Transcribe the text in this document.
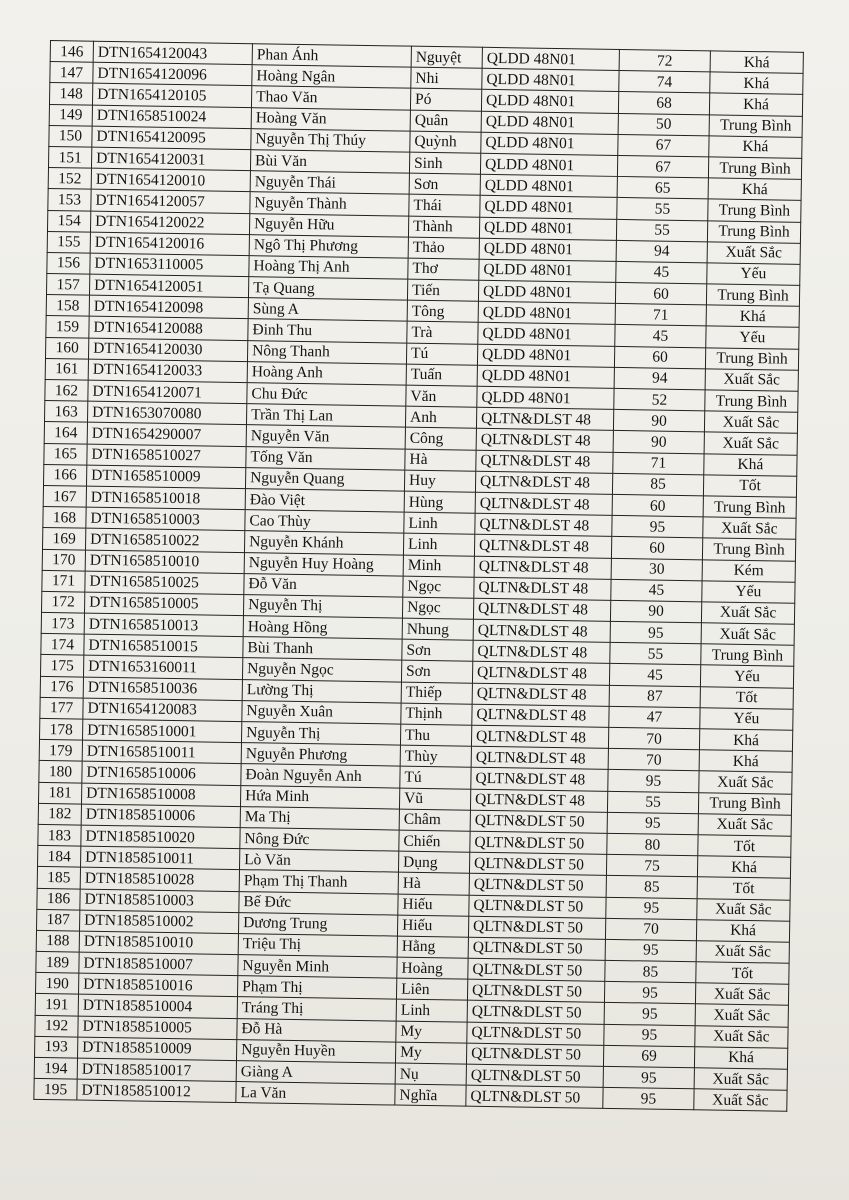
146	DTN1654120043	Phan Ánh	Nguyệt	QLDD 48N01	72	Khá
147	DTN1654120096	Hoàng Ngân	Nhi	QLDD 48N01	74	Khá
148	DTN1654120105	Thao Văn	Pó	QLDD 48N01	68	Khá
149	DTN1658510024	Hoàng Văn	Quân	QLDD 48N01	50	Trung Bình
150	DTN1654120095	Nguyễn Thị Thúy	Quỳnh	QLDD 48N01	67	Khá
151	DTN1654120031	Bùi Văn	Sinh	QLDD 48N01	67	Trung Bình
152	DTN1654120010	Nguyễn Thái	Sơn	QLDD 48N01	65	Khá
153	DTN1654120057	Nguyễn Thành	Thái	QLDD 48N01	55	Trung Bình
154	DTN1654120022	Nguyễn Hữu	Thành	QLDD 48N01	55	Trung Bình
155	DTN1654120016	Ngô Thị Phương	Thảo	QLDD 48N01	94	Xuất Sắc
156	DTN1653110005	Hoàng Thị Anh	Thơ	QLDD 48N01	45	Yếu
157	DTN1654120051	Tạ Quang	Tiến	QLDD 48N01	60	Trung Bình
158	DTN1654120098	Sùng A	Tông	QLDD 48N01	71	Khá
159	DTN1654120088	Đinh Thu	Trà	QLDD 48N01	45	Yếu
160	DTN1654120030	Nông Thanh	Tú	QLDD 48N01	60	Trung Bình
161	DTN1654120033	Hoàng Anh	Tuấn	QLDD 48N01	94	Xuất Sắc
162	DTN1654120071	Chu Đức	Văn	QLDD 48N01	52	Trung Bình
163	DTN1653070080	Trần Thị Lan	Anh	QLTN&DLST 48	90	Xuất Sắc
164	DTN1654290007	Nguyễn Văn	Công	QLTN&DLST 48	90	Xuất Sắc
165	DTN1658510027	Tống Văn	Hà	QLTN&DLST 48	71	Khá
166	DTN1658510009	Nguyễn Quang	Huy	QLTN&DLST 48	85	Tốt
167	DTN1658510018	Đào Việt	Hùng	QLTN&DLST 48	60	Trung Bình
168	DTN1658510003	Cao Thùy	Linh	QLTN&DLST 48	95	Xuất Sắc
169	DTN1658510022	Nguyễn Khánh	Linh	QLTN&DLST 48	60	Trung Bình
170	DTN1658510010	Nguyễn Huy Hoàng	Minh	QLTN&DLST 48	30	Kém
171	DTN1658510025	Đỗ Văn	Ngọc	QLTN&DLST 48	45	Yếu
172	DTN1658510005	Nguyễn Thị	Ngọc	QLTN&DLST 48	90	Xuất Sắc
173	DTN1658510013	Hoàng Hồng	Nhung	QLTN&DLST 48	95	Xuất Sắc
174	DTN1658510015	Bùi Thanh	Sơn	QLTN&DLST 48	55	Trung Bình
175	DTN1653160011	Nguyễn Ngọc	Sơn	QLTN&DLST 48	45	Yếu
176	DTN1658510036	Lường Thị	Thiếp	QLTN&DLST 48	87	Tốt
177	DTN1654120083	Nguyễn Xuân	Thịnh	QLTN&DLST 48	47	Yếu
178	DTN1658510001	Nguyễn Thị	Thu	QLTN&DLST 48	70	Khá
179	DTN1658510011	Nguyễn Phương	Thùy	QLTN&DLST 48	70	Khá
180	DTN1658510006	Đoàn Nguyễn Anh	Tú	QLTN&DLST 48	95	Xuất Sắc
181	DTN1658510008	Hứa Minh	Vũ	QLTN&DLST 48	55	Trung Bình
182	DTN1858510006	Ma Thị	Châm	QLTN&DLST 50	95	Xuất Sắc
183	DTN1858510020	Nông Đức	Chiến	QLTN&DLST 50	80	Tốt
184	DTN1858510011	Lò Văn	Dụng	QLTN&DLST 50	75	Khá
185	DTN1858510028	Phạm Thị Thanh	Hà	QLTN&DLST 50	85	Tốt
186	DTN1858510003	Bế Đức	Hiếu	QLTN&DLST 50	95	Xuất Sắc
187	DTN1858510002	Dương Trung	Hiếu	QLTN&DLST 50	70	Khá
188	DTN1858510010	Triệu Thị	Hằng	QLTN&DLST 50	95	Xuất Sắc
189	DTN1858510007	Nguyễn Minh	Hoàng	QLTN&DLST 50	85	Tốt
190	DTN1858510016	Phạm Thị	Liên	QLTN&DLST 50	95	Xuất Sắc
191	DTN1858510004	Tráng Thị	Linh	QLTN&DLST 50	95	Xuất Sắc
192	DTN1858510005	Đỗ Hà	My	QLTN&DLST 50	95	Xuất Sắc
193	DTN1858510009	Nguyễn Huyền	My	QLTN&DLST 50	69	Khá
194	DTN1858510017	Giàng A	Nụ	QLTN&DLST 50	95	Xuất Sắc
195	DTN1858510012	La Văn	Nghĩa	QLTN&DLST 50	95	Xuất Sắc
